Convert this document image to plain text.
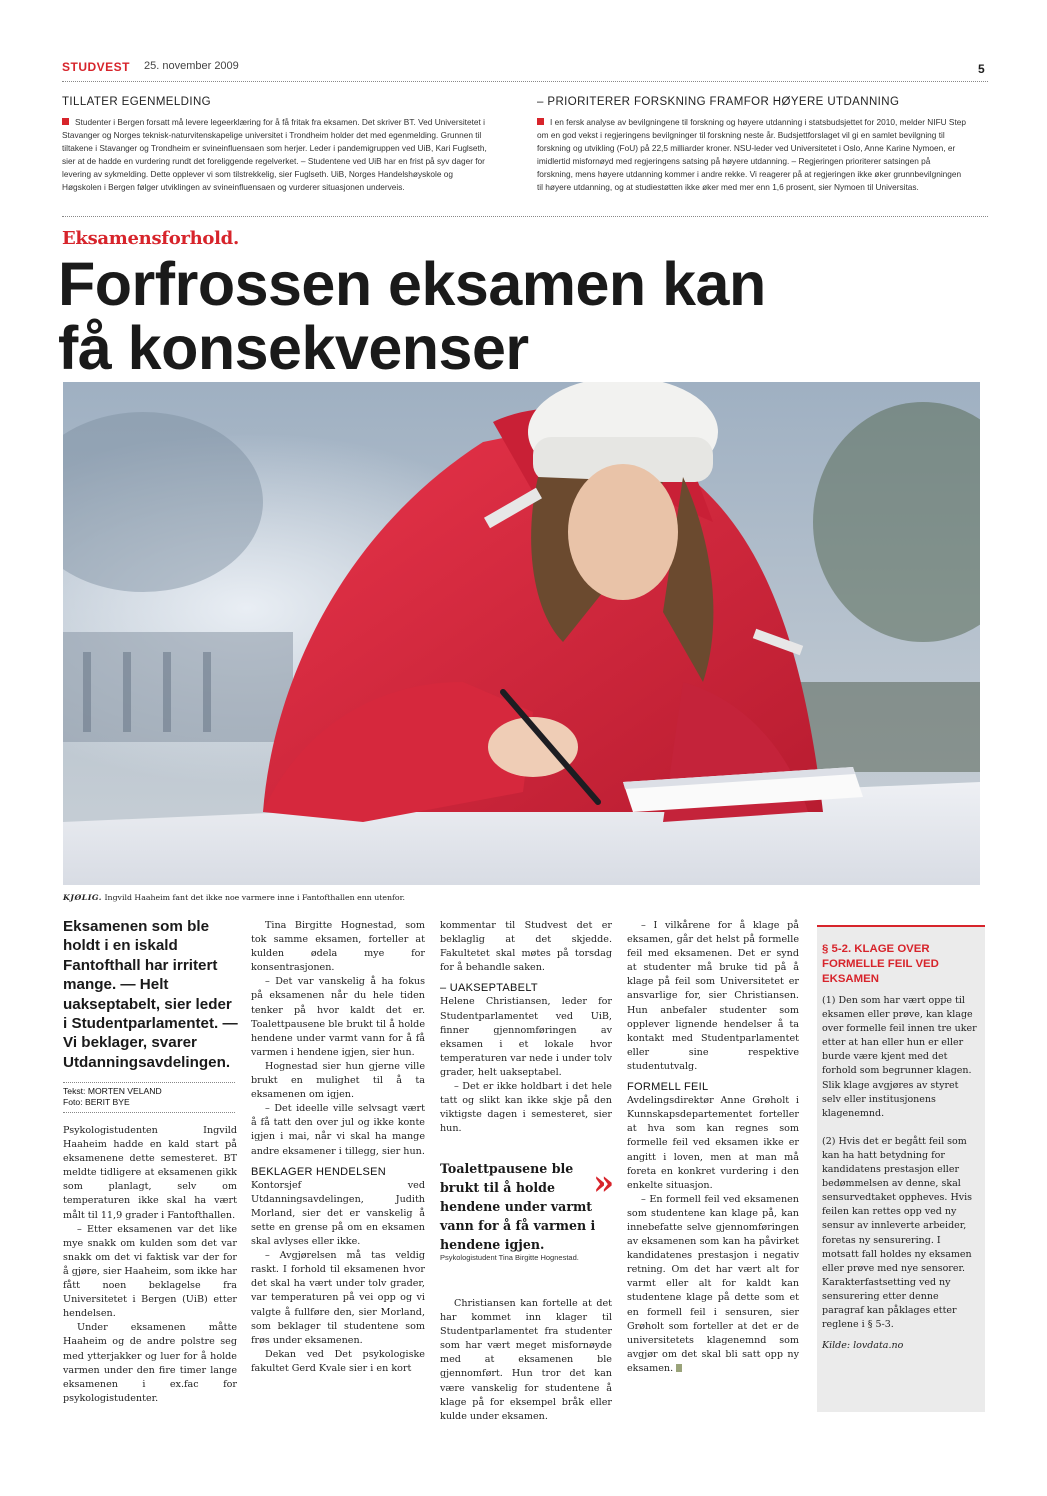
STUDVEST 25. november 2009	5
TILLATER EGENMELDING
Studenter i Bergen forsatt må levere legeerklæring for å få fritak fra eksamen. Det skriver BT. Ved Universitetet i Stavanger og Norges teknisk-naturvitenskapelige universitet i Trondheim holder det med egenmelding. Grunnen til tiltakene i Stavanger og Trondheim er svineinfluensaen som herjer. Leder i pandemigruppen ved UiB, Kari Fuglseth, sier at de hadde en vurdering rundt det foreliggende regelverket. – Studentene ved UiB har en frist på syv dager for levering av sykmelding. Dette opplever vi som tilstrekkelig, sier Fuglseth. UiB, Norges Handelshøyskole og Høgskolen i Bergen følger utviklingen av svineinfluensaen og vurderer situasjonen underveis.
– PRIORITERER FORSKNING FRAMFOR HØYERE UTDANNING
I en fersk analyse av bevilgningene til forskning og høyere utdanning i statsbudsjettet for 2010, melder NIFU Step om en god vekst i regjeringens bevilgninger til forskning neste år. Budsjettforslaget vil gi en samlet bevilgning til forskning og utvikling (FoU) på 22,5 milliarder kroner. NSU-leder ved Universitetet i Oslo, Anne Karine Nymoen, er imidlertid misfornøyd med regjeringens satsing på høyere utdanning. – Regjeringen prioriterer satsingen på forskning, mens høyere utdanning kommer i andre rekke. Vi reagerer på at regjeringen ikke øker grunnbevilgningen til høyere utdanning, og at studiestøtten ikke øker med mer enn 1,6 prosent, sier Nymoen til Universitas.
Eksamensforhold.
Forfrossen eksamen kan
få konsekvenser
KJØLIG. Ingvild Haaheim fant det ikke noe varmere inne i Fantofthallen enn utenfor.
Eksamenen som ble holdt i en iskald Fantofthall har irritert mange. — Helt uakseptabelt, sier leder i Studentparlamentet. — Vi beklager, svarer Utdanningsavdelingen.
Tekst: MORTEN VELAND
Foto: BERIT BYE

Psykologistudenten Ingvild Haaheim hadde en kald start på eksamenene dette semesteret. BT meldte tidligere at eksamenen gikk som planlagt, selv om temperaturen ikke skal ha vært målt til 11,9 grader i Fantofthallen.

– Etter eksamenen var det like mye snakk om kulden som det var snakk om det vi faktisk var der for å gjøre, sier Haaheim, som ikke har fått noen beklagelse fra Universitetet i Bergen (UiB) etter hendelsen.

Under eksamenen måtte Haaheim og de andre polstre seg med ytterjakker og luer for å holde varmen under den fire timer lange eksamenen i ex.fac for psykologistudenter.

Tina Birgitte Hognestad, som tok samme eksamen, forteller at kulden ødela mye for konsentrasjonen.

– Det var vanskelig å ha fokus på eksamenen når du hele tiden tenker på hvor kaldt det er. Toalettpausene ble brukt til å holde hendene under varmt vann for å få varmen i hendene igjen, sier hun.

Hognestad sier hun gjerne ville brukt en mulighet til å ta eksamenen om igjen.

– Det ideelle ville selvsagt vært å få tatt den over jul og ikke konte igjen i mai, når vi skal ha mange andre eksamener i tillegg, sier hun.

BEKLAGER HENDELSEN

Kontorsjef ved Utdanningsavdelingen, Judith Morland, sier det er vanskelig å sette en grense på om en eksamen skal avlyses eller ikke.

– Avgjørelsen må tas veldig raskt. I forhold til eksamenen hvor det skal ha vært under tolv grader, var temperaturen på vei opp og vi valgte å fullføre den, sier Morland, som beklager til studentene som frøs under eksamenen.

Dekan ved Det psykologiske fakultet Gerd Kvale sier i en kort

kommentar til Studvest det er beklaglig at det skjedde. Fakultetet skal møtes på torsdag for å behandle saken.

– UAKSEPTABELT

Helene Christiansen, leder for Studentparlamentet ved UiB, finner gjennomføringen av eksamen i et lokale hvor temperaturen var nede i under tolv grader, helt uakseptabel.

– Det er ikke holdbart i det hele tatt og slikt kan ikke skje på den viktigste dagen i semesteret, sier hun.

Toalettpausene ble brukt til å holde hendene under varmt vann for å få varmen i hendene igjen.
»
Psykologistudent Tina Birgitte Hognestad.

Christiansen kan fortelle at det har kommet inn klager til Studentparlamentet fra studenter som har vært meget misfornøyde med at eksamenen ble gjennomført. Hun tror det kan være vanskelig for studentene å klage på for eksempel bråk eller kulde under eksamen.

– I vilkårene for å klage på eksamen, går det helst på formelle feil med eksamenen. Det er synd at studenter må bruke tid på å klage på feil som Universitetet er ansvarlige for, sier Christiansen. Hun anbefaler studenter som opplever lignende hendelser å ta kontakt med Studentparlamentet eller sine respektive studentutvalg.

FORMELL FEIL

Avdelingsdirektør Anne Grøholt i Kunnskapsdepartementet forteller at hva som kan regnes som formelle feil ved eksamen ikke er angitt i loven, men at man må foreta en konkret vurdering i den enkelte situasjon.

– En formell feil ved eksamenen som studentene kan klage på, kan innebefatte selve gjennomføringen av eksamenen som kan ha påvirket kandidatenes prestasjon i negativ retning. Om det har vært alt for varmt eller alt for kaldt kan studentene klage på dette som et en formell feil i sensuren, sier Grøholt som forteller at det er de universitetets klagenemnd som avgjør om det skal bli satt opp ny eksamen.

§ 5-2. KLAGE OVER FORMELLE FEIL VED EKSAMEN

(1) Den som har vært oppe til eksamen eller prøve, kan klage over formelle feil innen tre uker etter at han eller hun er eller burde være kjent med det forhold som begrunner klagen. Slik klage avgjøres av styret selv eller institusjonens klagenemnd.

(2) Hvis det er begått feil som kan ha hatt betydning for kandidatens prestasjon eller bedømmelsen av denne, skal sensurvedtaket oppheves. Hvis feilen kan rettes opp ved ny sensur av innleverte arbeider, foretas ny sensurering. I motsatt fall holdes ny eksamen eller prøve med nye sensorer. Karakterfastsetting ved ny sensurering etter denne paragraf kan påklages etter reglene i § 5-3.

Kilde: lovdata.no
